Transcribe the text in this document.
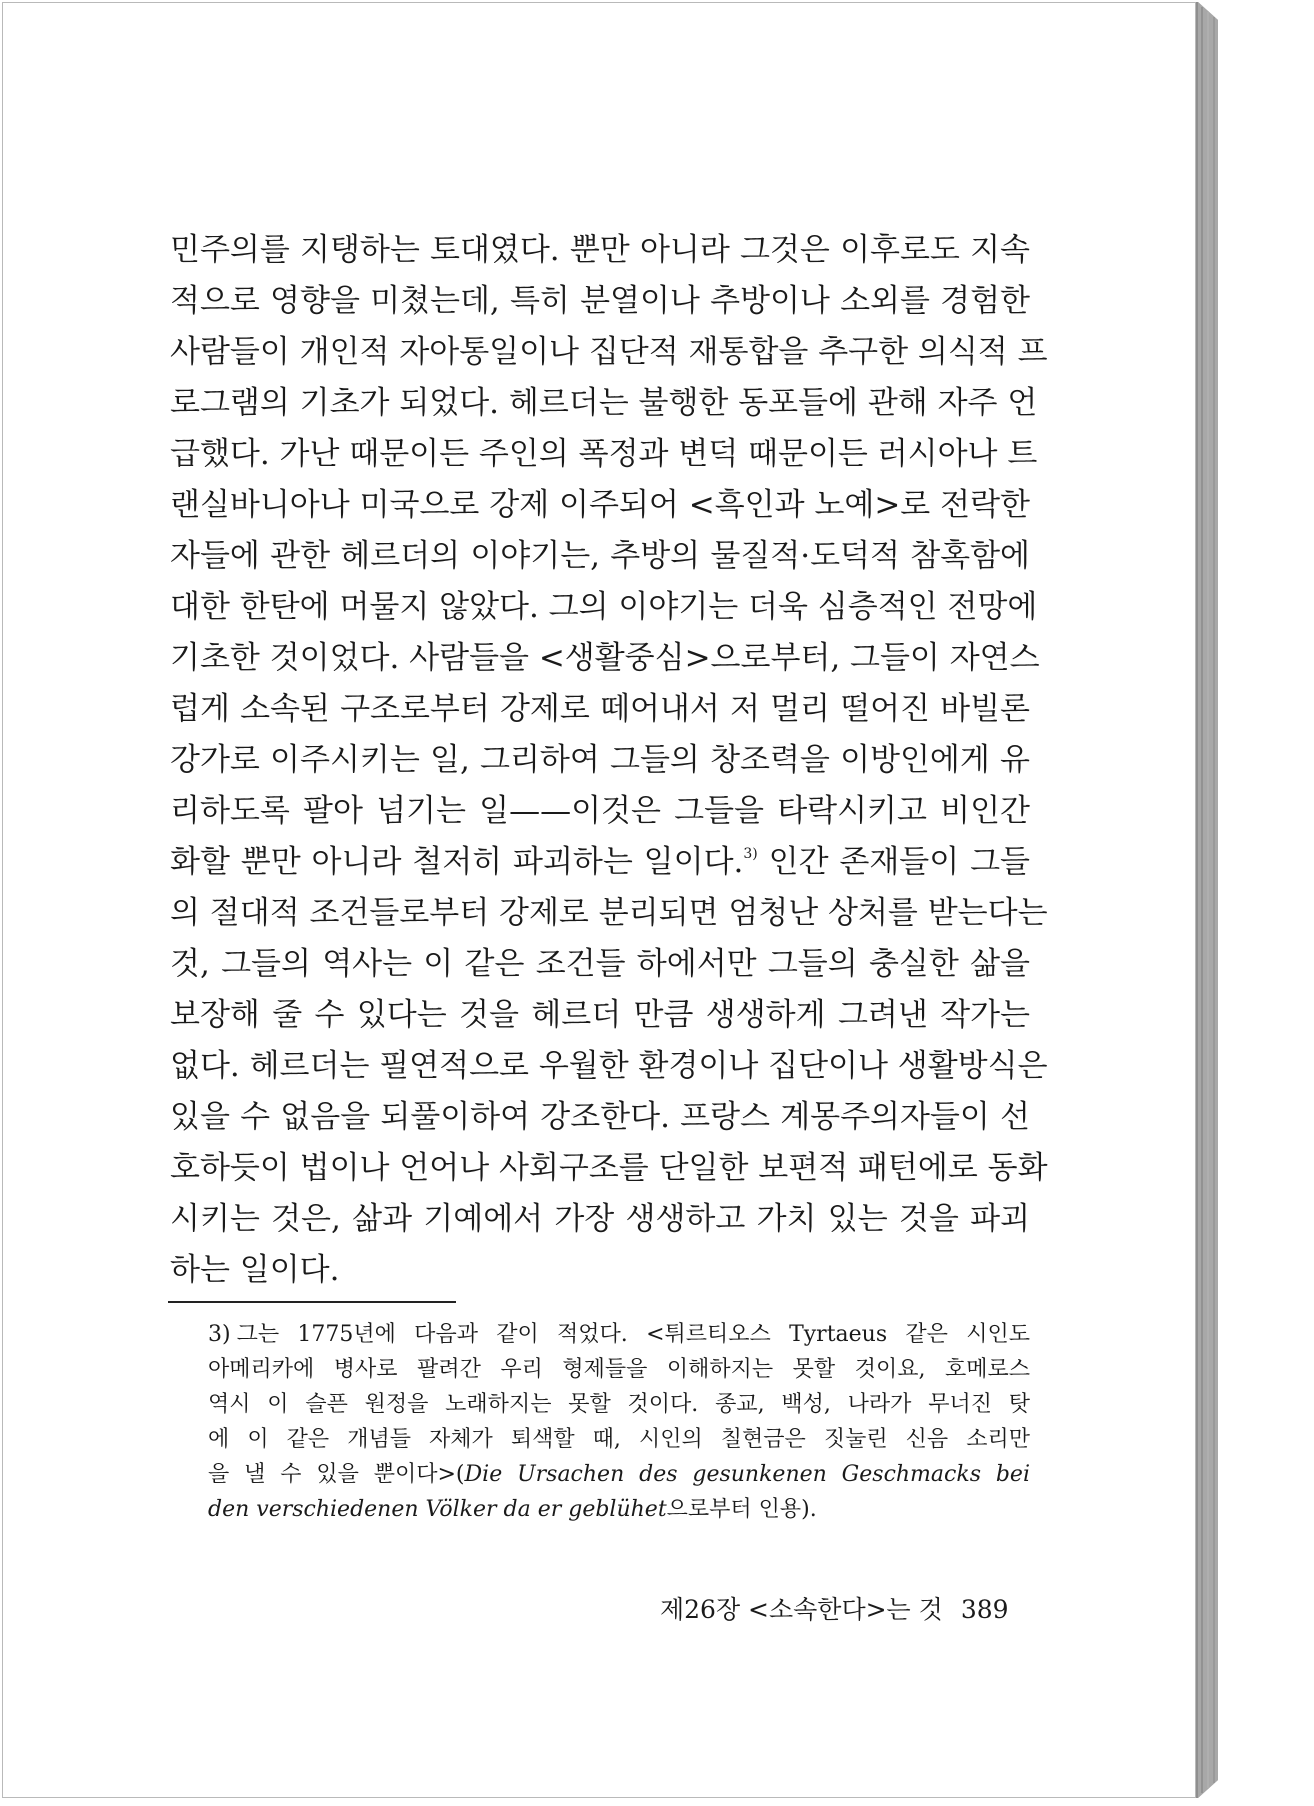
민주의를 지탱하는 토대였다. 뿐만 아니라 그것은 이후로도 지속
적으로 영향을 미쳤는데, 특히 분열이나 추방이나 소외를 경험한
사람들이 개인적 자아통일이나 집단적 재통합을 추구한 의식적 프
로그램의 기초가 되었다. 헤르더는 불행한 동포들에 관해 자주 언
급했다. 가난 때문이든 주인의 폭정과 변덕 때문이든 러시아나 트
랜실바니아나 미국으로 강제 이주되어 <흑인과 노예>로 전락한
자들에 관한 헤르더의 이야기는, 추방의 물질적·도덕적 참혹함에
대한 한탄에 머물지 않았다. 그의 이야기는 더욱 심층적인 전망에
기초한 것이었다. 사람들을 <생활중심>으로부터, 그들이 자연스
럽게 소속된 구조로부터 강제로 떼어내서 저 멀리 떨어진 바빌론
강가로 이주시키는 일, 그리하여 그들의 창조력을 이방인에게 유
리하도록 팔아 넘기는 일——이것은 그들을 타락시키고 비인간
화할 뿐만 아니라 철저히 파괴하는 일이다.$^{3)}$ 인간 존재들이 그들
의 절대적 조건들로부터 강제로 분리되면 엄청난 상처를 받는다는
것, 그들의 역사는 이 같은 조건들 하에서만 그들의 충실한 삶을
보장해 줄 수 있다는 것을 헤르더 만큼 생생하게 그려낸 작가는
없다. 헤르더는 필연적으로 우월한 환경이나 집단이나 생활방식은
있을 수 없음을 되풀이하여 강조한다. 프랑스 계몽주의자들이 선
호하듯이 법이나 언어나 사회구조를 단일한 보편적 패턴에로 동화
시키는 것은, 삶과 기예에서 가장 생생하고 가치 있는 것을 파괴
하는 일이다.
3) 그는 1775년에 다음과 같이 적었다. <튀르티오스 Tyrtaeus 같은 시인도
아메리카에 병사로 팔려간 우리 형제들을 이해하지는 못할 것이요, 호메로스
역시 이 슬픈 원정을 노래하지는 못할 것이다. 종교, 백성, 나라가 무너진 탓
에 이 같은 개념들 자체가 퇴색할 때, 시인의 칠현금은 짓눌린 신음 소리만
을 낼 수 있을 뿐이다>(Die Ursachen des gesunkenen Geschmacks bei
den verschiedenen Völker da er geblühet으로부터 인용).
제26장 <소속한다>는 것 389
